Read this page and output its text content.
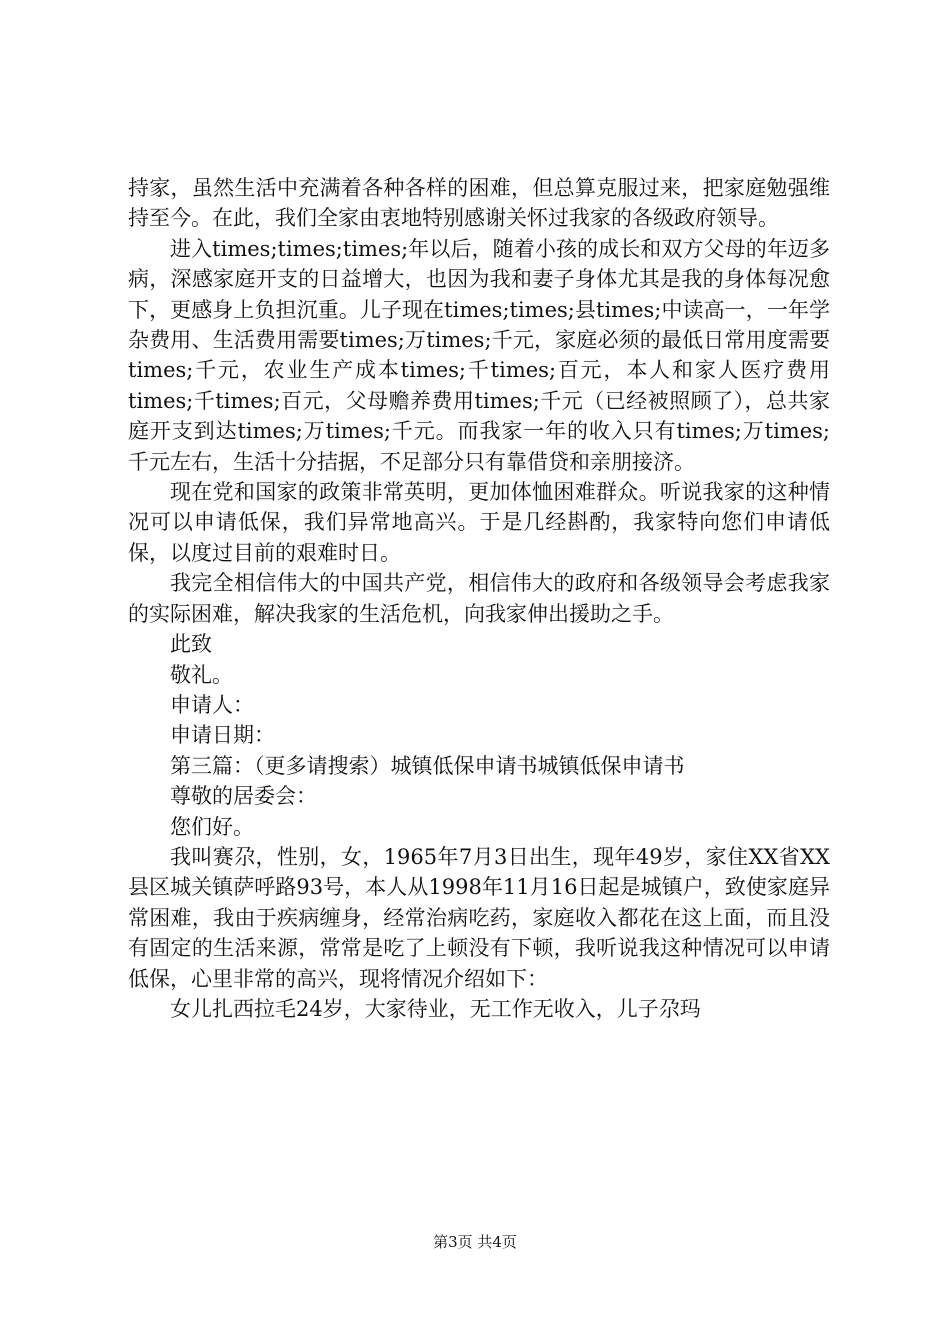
持家，虽然生活中充满着各种各样的困难，但总算克服过来，把家庭勉强维持至今。在此，我们全家由衷地特别感谢关怀过我家的各级政府领导。

进入times;times;times;年以后，随着小孩的成长和双方父母的年迈多病，深感家庭开支的日益增大，也因为我和妻子身体尤其是我的身体每况愈下，更感身上负担沉重。儿子现在times;times;县times;中读高一，一年学杂费用、生活费用需要times;万times;千元，家庭必须的最低日常用度需要times;千元，农业生产成本times;千times;百元，本人和家人医疗费用times;千times;百元，父母赡养费用times;千元（已经被照顾了），总共家庭开支到达times;万times;千元。而我家一年的收入只有times;万times;千元左右，生活十分拮据，不足部分只有靠借贷和亲朋接济。

现在党和国家的政策非常英明，更加体恤困难群众。听说我家的这种情况可以申请低保，我们异常地高兴。于是几经斟酌，我家特向您们申请低保，以度过目前的艰难时日。

我完全相信伟大的中国共产党，相信伟大的政府和各级领导会考虑我家的实际困难，解决我家的生活危机，向我家伸出援助之手。

此致

敬礼。

申请人：

申请日期：

第三篇：（更多请搜索）城镇低保申请书城镇低保申请书

尊敬的居委会：

您们好。

我叫赛尕，性别，女，1965年7月3日出生，现年49岁，家住XX省XX县区城关镇萨呼路93号，本人从1998年11月16日起是城镇户，致使家庭异常困难，我由于疾病缠身，经常治病吃药，家庭收入都花在这上面，而且没有固定的生活来源，常常是吃了上顿没有下顿，我听说我这种情况可以申请低保，心里非常的高兴，现将情况介绍如下：

女儿扎西拉毛24岁，大家待业，无工作无收入，儿子尕玛

第3页 共4页
